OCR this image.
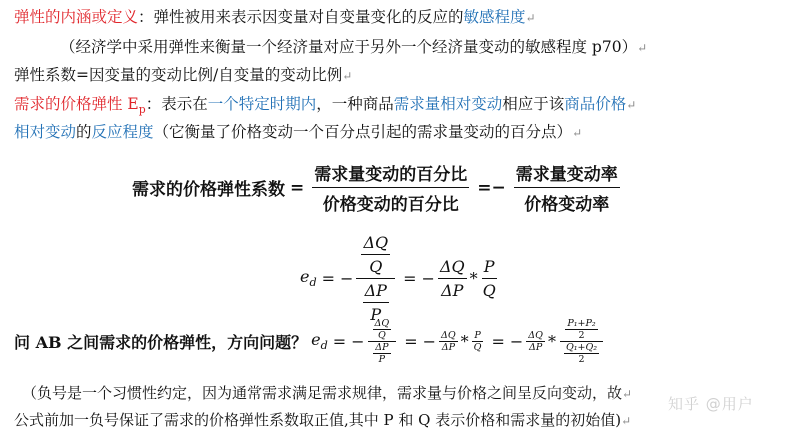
弹性的内涵或定义：弹性被用来表示因变量对自变量变化的反应的敏感程度↵
（经济学中采用弹性来衡量一个经济量对应于另外一个经济量变动的敏感程度 p70）↵
弹性系数=因变量的变动比例/自变量的变动比例↵
需求的价格弹性 $E_p$：表示在一个特定时期内，一种商品需求量相对变动相应于该商品价格↵
相对变动的反应程度（它衡量了价格变动一个百分点引起的需求量变动的百分点）↵
需求的价格弹性系数 = $\frac{\text{需求量变动的百分比}}{\text{价格变动的百分比}} =- \frac{\text{需求量变动率}}{\text{价格变动率}}$
$e_d$ = − $\frac{\frac{\Delta Q}{Q}}{\frac{\Delta P}{P}}$ = − $\frac{\Delta Q}{\Delta P} * \frac{P}{Q}$
问 AB 之间需求的价格弹性，方向问题？ $e_d$ = − $\frac{\frac{\Delta Q}{Q}}{\frac{\Delta P}{P}}$ = − $\frac{\Delta Q}{\Delta P} * \frac{P}{Q}$ = − $\frac{\Delta Q}{\Delta P} * \frac{\frac{\text{P₁+P₂}}{2}}{\frac{\text{Q₁+Q₂}}{2}}$
（负号是一个习惯性约定，因为通常需求满足需求规律，需求量与价格之间呈反向变动，故↵
公式前加一负号保证了需求的价格弹性系数取正值,其中 P 和 Q 表示价格和需求量的初始值)↵
知乎 @用户
